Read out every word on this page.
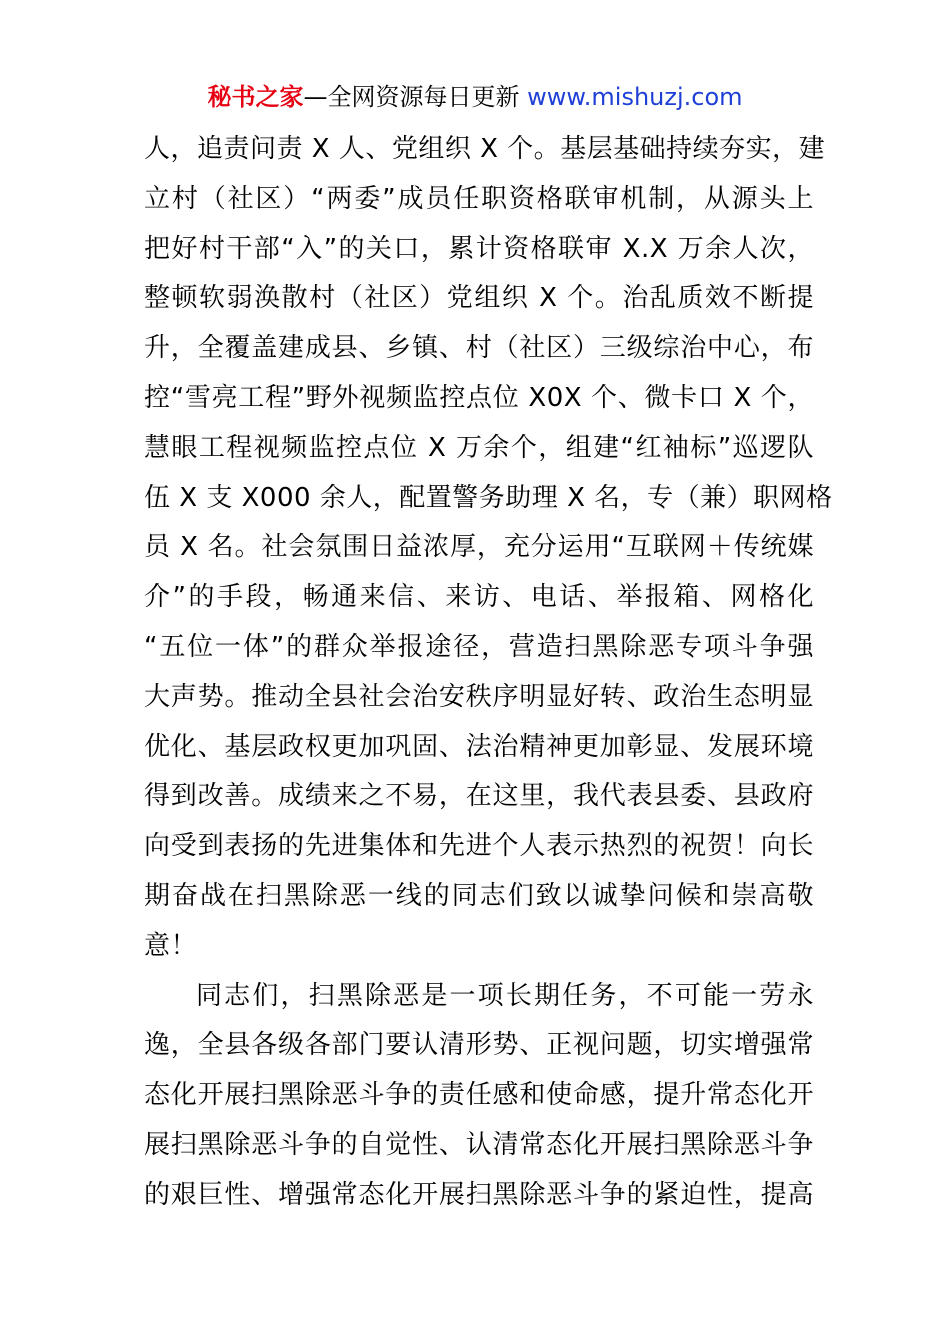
秘书之家—全网资源每日更新 www.mishuzj.com
人，追责问责 X 人、党组织 X 个。基层基础持续夯实，建
立村（社区）“两委”成员任职资格联审机制，从源头上
把好村干部“入”的关口，累计资格联审 X.X 万余人次，
整顿软弱涣散村（社区）党组织 X 个。治乱质效不断提
升，全覆盖建成县、乡镇、村（社区）三级综治中心，布
控“雪亮工程”野外视频监控点位 X0X 个、微卡口 X 个，
慧眼工程视频监控点位 X 万余个，组建“红袖标”巡逻队
伍 X 支 X000 余人，配置警务助理 X 名，专（兼）职网格
员 X 名。社会氛围日益浓厚，充分运用“互联网＋传统媒
介”的手段，畅通来信、来访、电话、举报箱、网格化
“五位一体”的群众举报途径，营造扫黑除恶专项斗争强
大声势。推动全县社会治安秩序明显好转、政治生态明显
优化、基层政权更加巩固、法治精神更加彰显、发展环境
得到改善。成绩来之不易，在这里，我代表县委、县政府
向受到表扬的先进集体和先进个人表示热烈的祝贺！向长
期奋战在扫黑除恶一线的同志们致以诚挚问候和崇高敬
意！
同志们，扫黑除恶是一项长期任务，不可能一劳永
逸，全县各级各部门要认清形势、正视问题，切实增强常
态化开展扫黑除恶斗争的责任感和使命感，提升常态化开
展扫黑除恶斗争的自觉性、认清常态化开展扫黑除恶斗争
的艰巨性、增强常态化开展扫黑除恶斗争的紧迫性，提高
